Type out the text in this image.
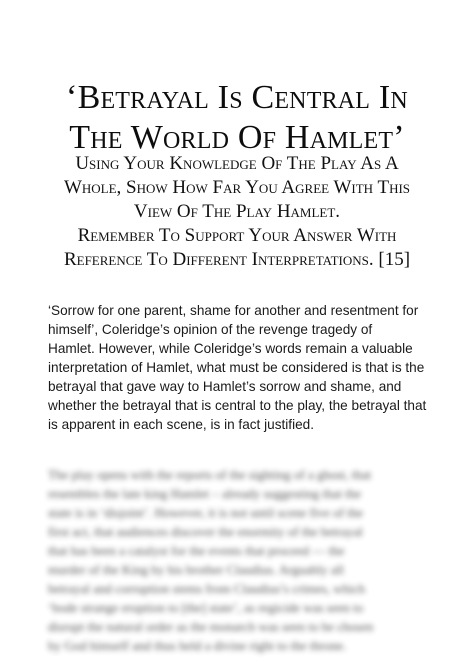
‘Betrayal Is Central In
The World Of Hamlet’
Using Your Knowledge Of The Play As A
Whole, Show How Far You Agree With This
View Of The Play Hamlet.
Remember To Support Your Answer With
Reference To Different Interpretations. [15]
‘Sorrow for one parent, shame for another and resentment for
himself’, Coleridge’s opinion of the revenge tragedy of
Hamlet. However, while Coleridge’s words remain a valuable
interpretation of Hamlet, what must be considered is that is the
betrayal that gave way to Hamlet’s sorrow and shame, and
whether the betrayal that is central to the play, the betrayal that
is apparent in each scene, is in fact justified.
The play opens with the reports of the sighting of a ghost, that
resembles the late king Hamlet – already suggesting that the
state is in ‘disjoint’. However, it is not until scene five of the
first act, that audiences discover the enormity of the betrayal
that has been a catalyst for the events that proceed — the
murder of the King by his brother Claudius. Arguably all
betrayal and corruption stems from Claudius’s crimes, which
‘bode strange eruption to [the] state’, as regicide was seen to
disrupt the natural order as the monarch was seen to be chosen
by God himself and thus held a divine right to the throne.
